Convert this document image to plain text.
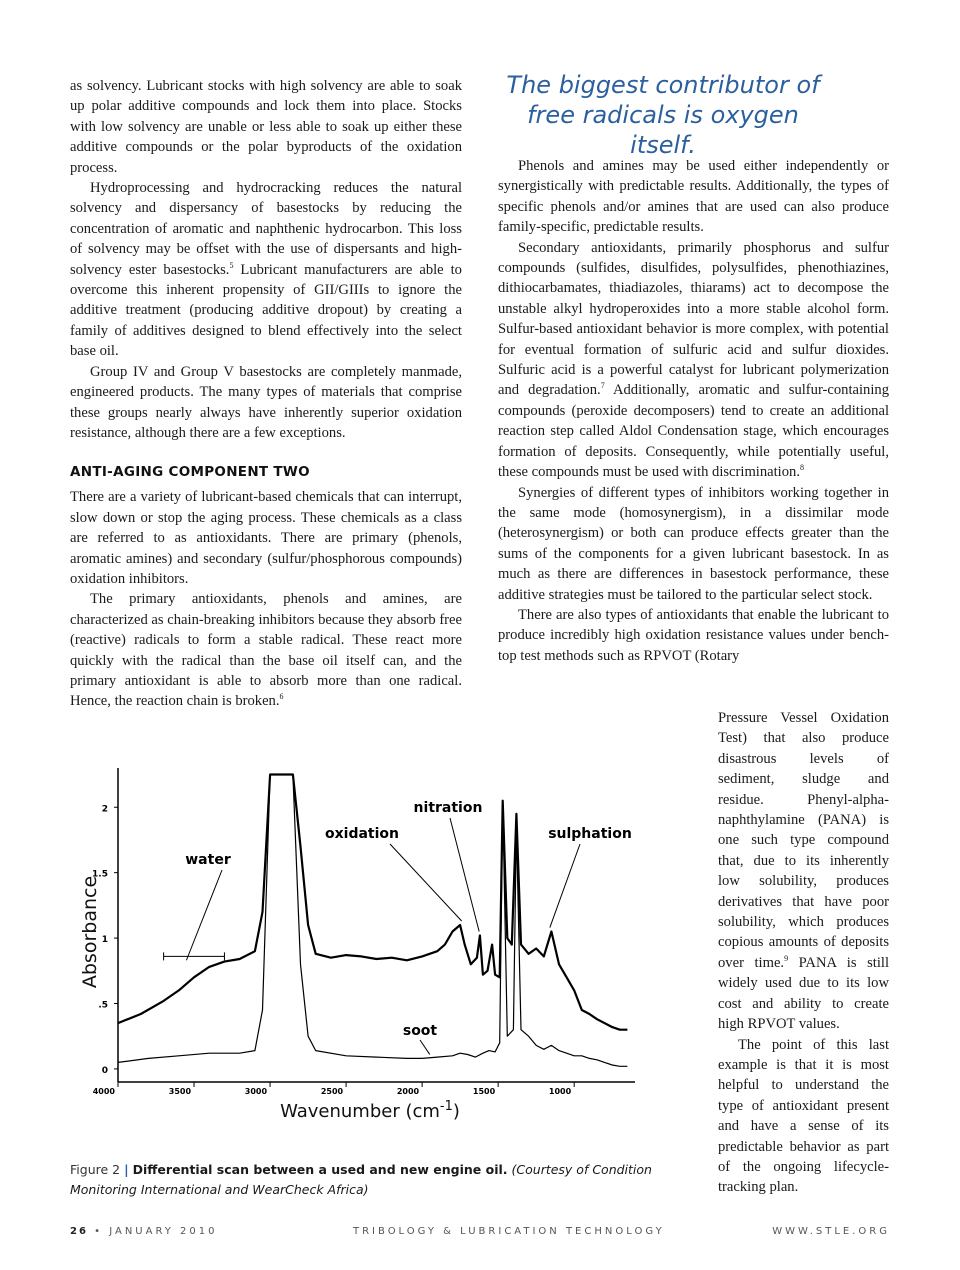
as solvency. Lubricant stocks with high solvency are able to soak up polar additive compounds and lock them into place. Stocks with low solvency are unable or less able to soak up either these additive compounds or the polar byproducts of the oxidation process.

Hydroprocessing and hydrocracking reduces the natural solvency and dispersancy of basestocks by reducing the concentration of aromatic and naphthenic hydrocarbon. This loss of solvency may be offset with the use of dispersants and high-solvency ester basestocks.$^5$ Lubricant manufacturers are able to overcome this inherent propensity of GII/GIIIs to ignore the additive treatment (producing additive dropout) by creating a family of additives designed to blend effectively into the select base oil.

Group IV and Group V basestocks are completely manmade, engineered products. The many types of materials that comprise these groups nearly always have inherently superior oxidation resistance, although there are a few exceptions.

ANTI-AGING COMPONENT TWO

There are a variety of lubricant-based chemicals that can interrupt, slow down or stop the aging process. These chemicals as a class are referred to as antioxidants. There are primary (phenols, aromatic amines) and secondary (sulfur/phosphorous compounds) oxidation inhibitors.

The primary antioxidants, phenols and amines, are characterized as chain-breaking inhibitors because they absorb free (reactive) radicals to form a stable radical. These react more quickly with the radical than the base oil itself can, and the primary antioxidant is able to absorb more than one radical. Hence, the reaction chain is broken.$^6$

The biggest contributor of free radicals is oxygen itself.

Phenols and amines may be used either independently or synergistically with predictable results. Additionally, the types of specific phenols and/or amines that are used can also produce family-specific, predictable results.

Secondary antioxidants, primarily phosphorus and sulfur compounds (sulfides, disulfides, polysulfides, phenothiazines, dithiocarbamates, thiadiazoles, thiarams) act to decompose the unstable alkyl hydroperoxides into a more stable alcohol form. Sulfur-based antioxidant behavior is more complex, with potential for eventual formation of sulfuric acid and sulfur dioxides. Sulfuric acid is a powerful catalyst for lubricant polymerization and degradation.$^7$ Additionally, aromatic and sulfur-containing compounds (peroxide decomposers) tend to create an additional reaction step called Aldol Condensation stage, which encourages formation of deposits. Consequently, while potentially useful, these compounds must be used with discrimination.$^8$

Synergies of different types of inhibitors working together in the same mode (homosynergism), in a dissimilar mode (heterosynergism) or both can produce effects greater than the sums of the components for a given lubricant basestock. In as much as there are differences in basestock performance, these additive strategies must be tailored to the particular select stock.

There are also types of antioxidants that enable the lubricant to produce incredibly high oxidation resistance values under bench-top test methods such as RPVOT (Rotary

Pressure Vessel Oxidation Test) that also produce disastrous levels of sediment, sludge and residue. Phenyl-alpha-naphthylamine (PANA) is one such type compound that, due to its inherently low solubility, produces derivatives that have poor solubility, which produces copious amounts of deposits over time.$^9$ PANA is still widely used due to its low cost and ability to create high RPVOT values.

The point of this last example is that it is most helpful to understand the type of antioxidant present and have a sense of its predictable behavior as part of the ongoing lifecycle-tracking plan.

2
1.5
1
.5
0
4000	3500	3000	2500	2000	1500	1000
water
oxidation
nitration
sulphation
soot
Absorbance
Wavenumber $(cm^{-1})$
Figure 2 | Differential scan between a used and new engine oil. (Courtesy of Condition Monitoring International and WearCheck Africa)
26 • JANUARY 2010	TRIBOLOGY & LUBRICATION TECHNOLOGY	WWW.STLE.ORG
